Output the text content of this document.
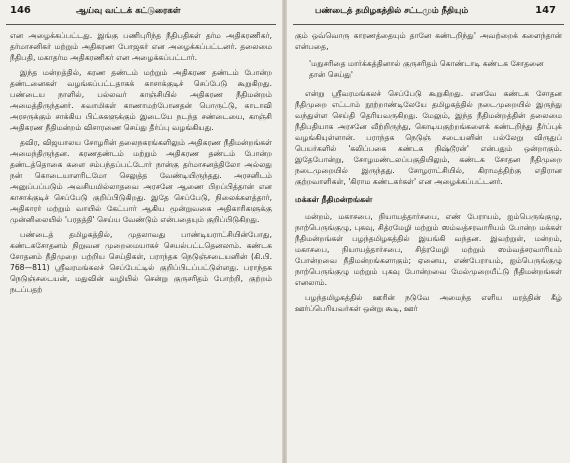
146	ஆய்வு வட்டக் கட்டுரைகள்

என அழைக்கப்பட்டது. இங்கு பணிபுரிந்த நீதிபதிகள் தர்ம அதிகரணிகர், தர்மாசனிகர் மற்றும் அதிகரண போஜகர் என அழைக்கப்பட்டனர். தலைமை நீதிபதி, மகாதர்ம அதிகரணிகர் என அழைக்கப்பட்டார்.

இந்த மன்றத்தில், கரண தண்டம் மற்றும் அதிகரண தண்டம் போன்ற தண்டனைகள் வழங்கப்பட்டதாகக் காசாக்குடிச் செப்பேடு கூறுகிறது. பண்டைய நாளில், பல்லவர் காஞ்சியில் அதிகரண நீதிமன்றம் அமைத்திருந்தனர். சுவாமிகள் காணாமற்போனதன் பொருட்டு, காடாவி அரசருக்கும் சாக்கிய பிட்சுகளுக்கும் இடையே நடந்த சண்டையை, காஞ்சி அதிகரண நீதிமன்றம் விசாரணை செய்து தீர்ப்பு வழங்கியது.

தவிர, விஜயாலய சோழரின் தலைநகரங்களிலும் அதிகரண நீதிமன்றங்கள் அமைந்திருந்தன. கரணதண்டம் மற்றும் அதிகரண தண்டம் போன்ற தண்டத்தொகை களை சம்பந்தப்பட்டோர் நான்கு தர்மாசனத்திலோ அல்லது நன் கொடையாளரிடமோ செலுத்த வேண்டியிருந்தது. அரசனிடம் அனுப்பப்படும் அவசியமில்லாதவை அரசனே ஆணை பிறப்பித்தான் என காசாக்குடிச் செப்பேடு குறிப்பிடுகிறது. இதே செப்பேடு, நிலைக்களத்தார், அதிகாரர் மற்றும் வாயில் கேட்பார் ஆகிய மூன்றுவகை அதிகாரிகளுக்கு முன்னிலையில் 'பரதத்தி' செய்ய வேண்டும் என்பதையும் குறிப்பிடுகிறது.

பண்டைத் தமிழகத்தில், முதலாவது பாண்டியராட்சியின்போது, கண்டகசோதனம் நிறுவன முறைமையாகச் செயல்பட்டதெனலாம். கண்டக சோதனம் நீதிமுறை பற்றிய செய்திகள், பராந்தக நெடுஞ்சடையனின் (கி.பி. 768—811) ஸ்ரீவரமங்கலச் செப்பேட்டில் குறிப்பிடப்பட்டுள்ளது. பராந்தக நெடுஞ்சடையன், மதுவின் வழியில் சென்று குருசரிதம் போற்றி, குற்றம் நடப்பதற்

பண்டைத் தமிழகத்தில் சட்டமும் நீதியும்	147

கும் ஒவ்வொரு காரணத்தையும் தானே கண்டறிந்து' அவற்றைக் களைந்தான் என்பதை,

'மநுசரிதை மார்க்கத்தினால் குருசரிதம் கொண்டாடி கண்டக சோதனை தான் செய்து'

என்று ஸ்ரீவரமங்கலச் செப்பேடு கூறுகிறது. எனவே கண்டக சோதன நீதிமுறை எட்டாம் நூற்றாண்டிலேயே தமிழகத்தில் நடைமுறையில் இருந்து வந்துள்ள செய்தி தெரியவருகிறது. மேலும், இந்த நீதிமன்றத்தின் தலைமை நீதிபதியாக அரசனே வீற்றிருந்து, கொடியகுற்றங்களைக் கண்டறிந்து தீர்ப்புக் வழங்கியுள்ளான். பராந்தக நெடுஞ் சடையனின் பல்லேறு விருதுப் பெயர்களில் 'கலிப்பகை கண்டக நிஷ்டூரன்' என்பதும் ஒன்றாகும். இதேபோன்று, சோழமண்டலப்பகுதியிலும், கண்டக சோதன நீதிமுறை நடைமுறையில் இருந்தது. சோழராட்சியில், கிராமத்திற்கு எதிரான குற்றவாளிகள், 'கிராம கண்டகர்கள்' என அழைக்கப்பட்டனர்.

மக்கள் நீதிமன்றங்கள்

மன்றம், மகாசபை, நியாயத்தார்சபை, எண் பேராயம், ஐம்பெருங்குழு, நாற்பெருங்குழு, புகவு, சித்ரமேழி மற்றும் ஸம்வத்சரவாரியம் போன்ற மக்கள் நீதிமன்றங்கள் பழந்தமிழகத்தில் இயங்கி வந்தன. இவற்றுள், மன்றம், மகாசபை, நியாயத்தார்சபை, சித்ரமேழி மற்றும் ஸம்வத்சரவாரியம் போன்றவை நீதிமன்றங்களாகும்; ஏனைய, எண்பேராயம், ஐம்பெருங்குழு நாற்பெருங்குழு மற்றும் புகவு போன்றவை மேல்முறையீட்டு நீதிமன்றங்கள் எனலாம்.

பழந்தமிழகத்தில் ஊரின் நடுவே அமைந்த எளிய மரத்தின் கீழ் ஊர்ப்பெரியவர்கள் ஒன்று கூடி, ஊர்
